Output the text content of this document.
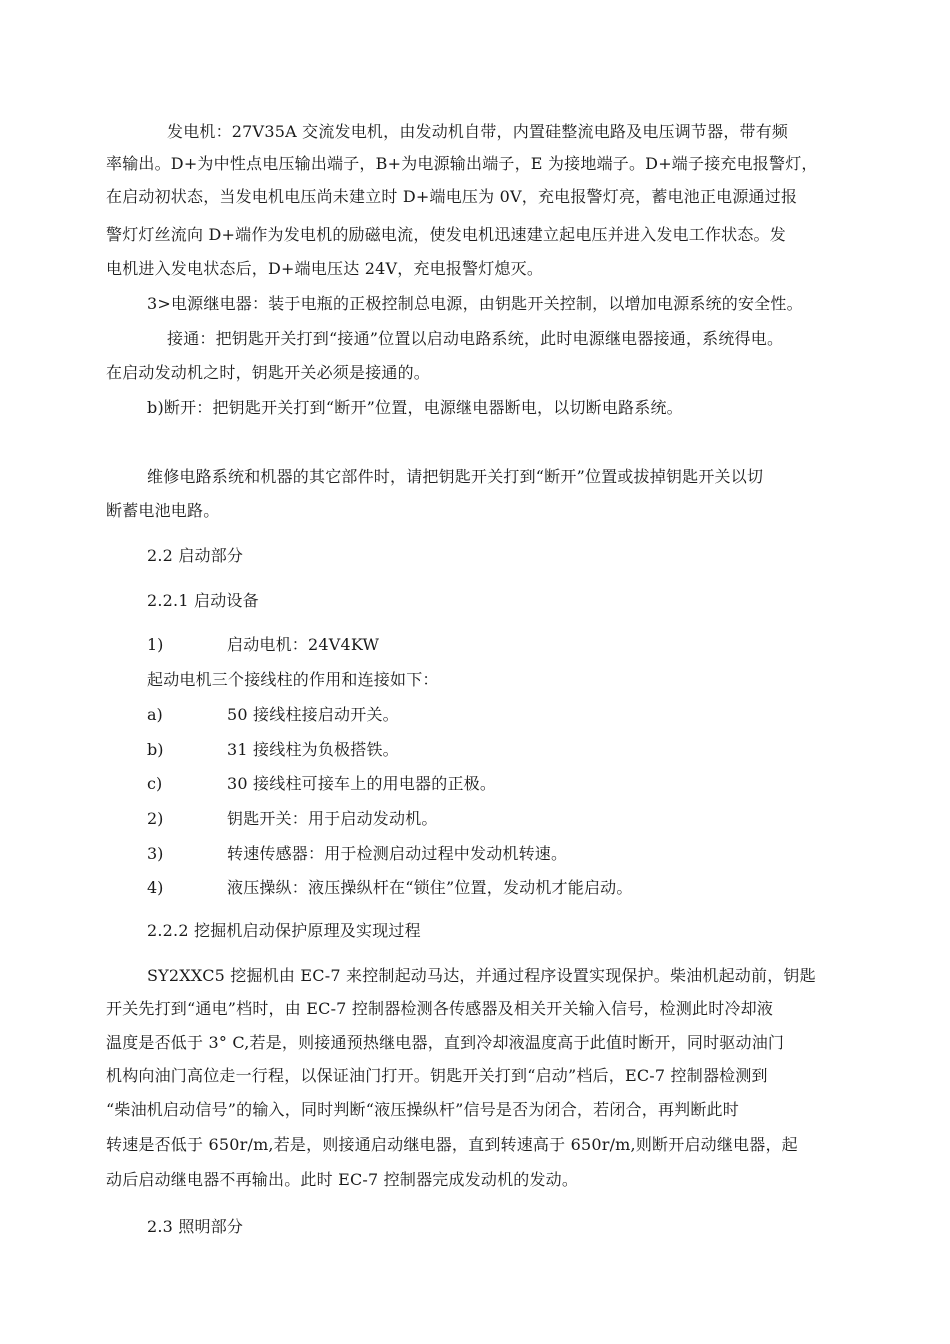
发电机：27V35A 交流发电机，由发动机自带，内置硅整流电路及电压调节器，带有频
率输出。D+为中性点电压输出端子，B+为电源输出端子，E 为接地端子。D+端子接充电报警灯，
在启动初状态，当发电机电压尚未建立时 D+端电压为 0V，充电报警灯亮，蓄电池正电源通过报
警灯灯丝流向 D+端作为发电机的励磁电流，使发电机迅速建立起电压并进入发电工作状态。发
电机进入发电状态后，D+端电压达 24V，充电报警灯熄灭。
3>电源继电器：装于电瓶的正极控制总电源，由钥匙开关控制，以增加电源系统的安全性。
接通：把钥匙开关打到“接通”位置以启动电路系统，此时电源继电器接通，系统得电。
在启动发动机之时，钥匙开关必须是接通的。
b)断开：把钥匙开关打到“断开”位置，电源继电器断电，以切断电路系统。
维修电路系统和机器的其它部件时，请把钥匙开关打到“断开”位置或拔掉钥匙开关以切
断蓄电池电路。
2.2 启动部分
2.2.1 启动设备
1)	启动电机：24V4KW
起动电机三个接线柱的作用和连接如下：
a)	50 接线柱接启动开关。
b)	31 接线柱为负极搭铁。
c)	30 接线柱可接车上的用电器的正极。
2)	钥匙开关：用于启动发动机。
3)	转速传感器：用于检测启动过程中发动机转速。
4)	液压操纵：液压操纵杆在“锁住”位置，发动机才能启动。
2.2.2 挖掘机启动保护原理及实现过程
SY2XXC5 挖掘机由 EC-7 来控制起动马达，并通过程序设置实现保护。柴油机起动前，钥匙
开关先打到“通电”档时，由 EC-7 控制器检测各传感器及相关开关输入信号，检测此时冷却液
温度是否低于 3° C,若是，则接通预热继电器，直到冷却液温度高于此值时断开，同时驱动油门
机构向油门高位走一行程，以保证油门打开。钥匙开关打到“启动”档后，EC-7 控制器检测到
“柴油机启动信号”的输入，同时判断“液压操纵杆”信号是否为闭合，若闭合，再判断此时
转速是否低于 650r/m,若是，则接通启动继电器，直到转速高于 650r/m,则断开启动继电器，起
动后启动继电器不再输出。此时 EC-7 控制器完成发动机的发动。
2.3 照明部分
